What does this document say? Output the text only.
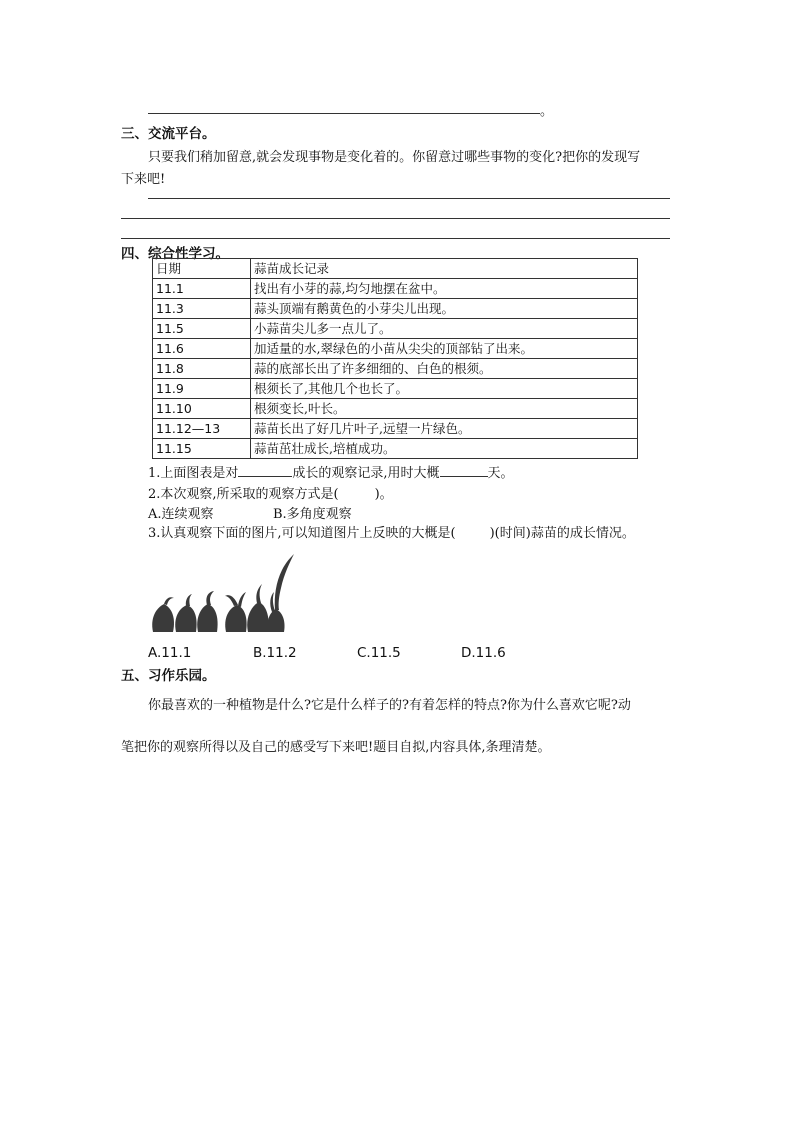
。
三、交流平台。
只要我们稍加留意,就会发现事物是变化着的。你留意过哪些事物的变化?把你的发现写
下来吧!
四、综合性学习。
日期	蒜苗成长记录
11.1	找出有小芽的蒜,均匀地摆在盆中。
11.3	蒜头顶端有鹅黄色的小芽尖儿出现。
11.5	小蒜苗尖儿多一点儿了。
11.6	加适量的水,翠绿色的小苗从尖尖的顶部钻了出来。
11.8	蒜的底部长出了许多细细的、白色的根须。
11.9	根须长了,其他几个也长了。
11.10	根须变长,叶长。
11.12—13	蒜苗长出了好几片叶子,远望一片绿色。
11.15	蒜苗茁壮成长,培植成功。
1.上面图表是对	成长的观察记录,用时大概	天。
2.本次观察,所采取的观察方式是(	)。
A.连续观察	B.多角度观察
3.认真观察下面的图片,可以知道图片上反映的大概是(	)(时间)蒜苗的成长情况。
A.11.1	B.11.2	C.11.5	D.11.6
五、习作乐园。
你最喜欢的一种植物是什么?它是什么样子的?有着怎样的特点?你为什么喜欢它呢?动
笔把你的观察所得以及自己的感受写下来吧!题目自拟,内容具体,条理清楚。
